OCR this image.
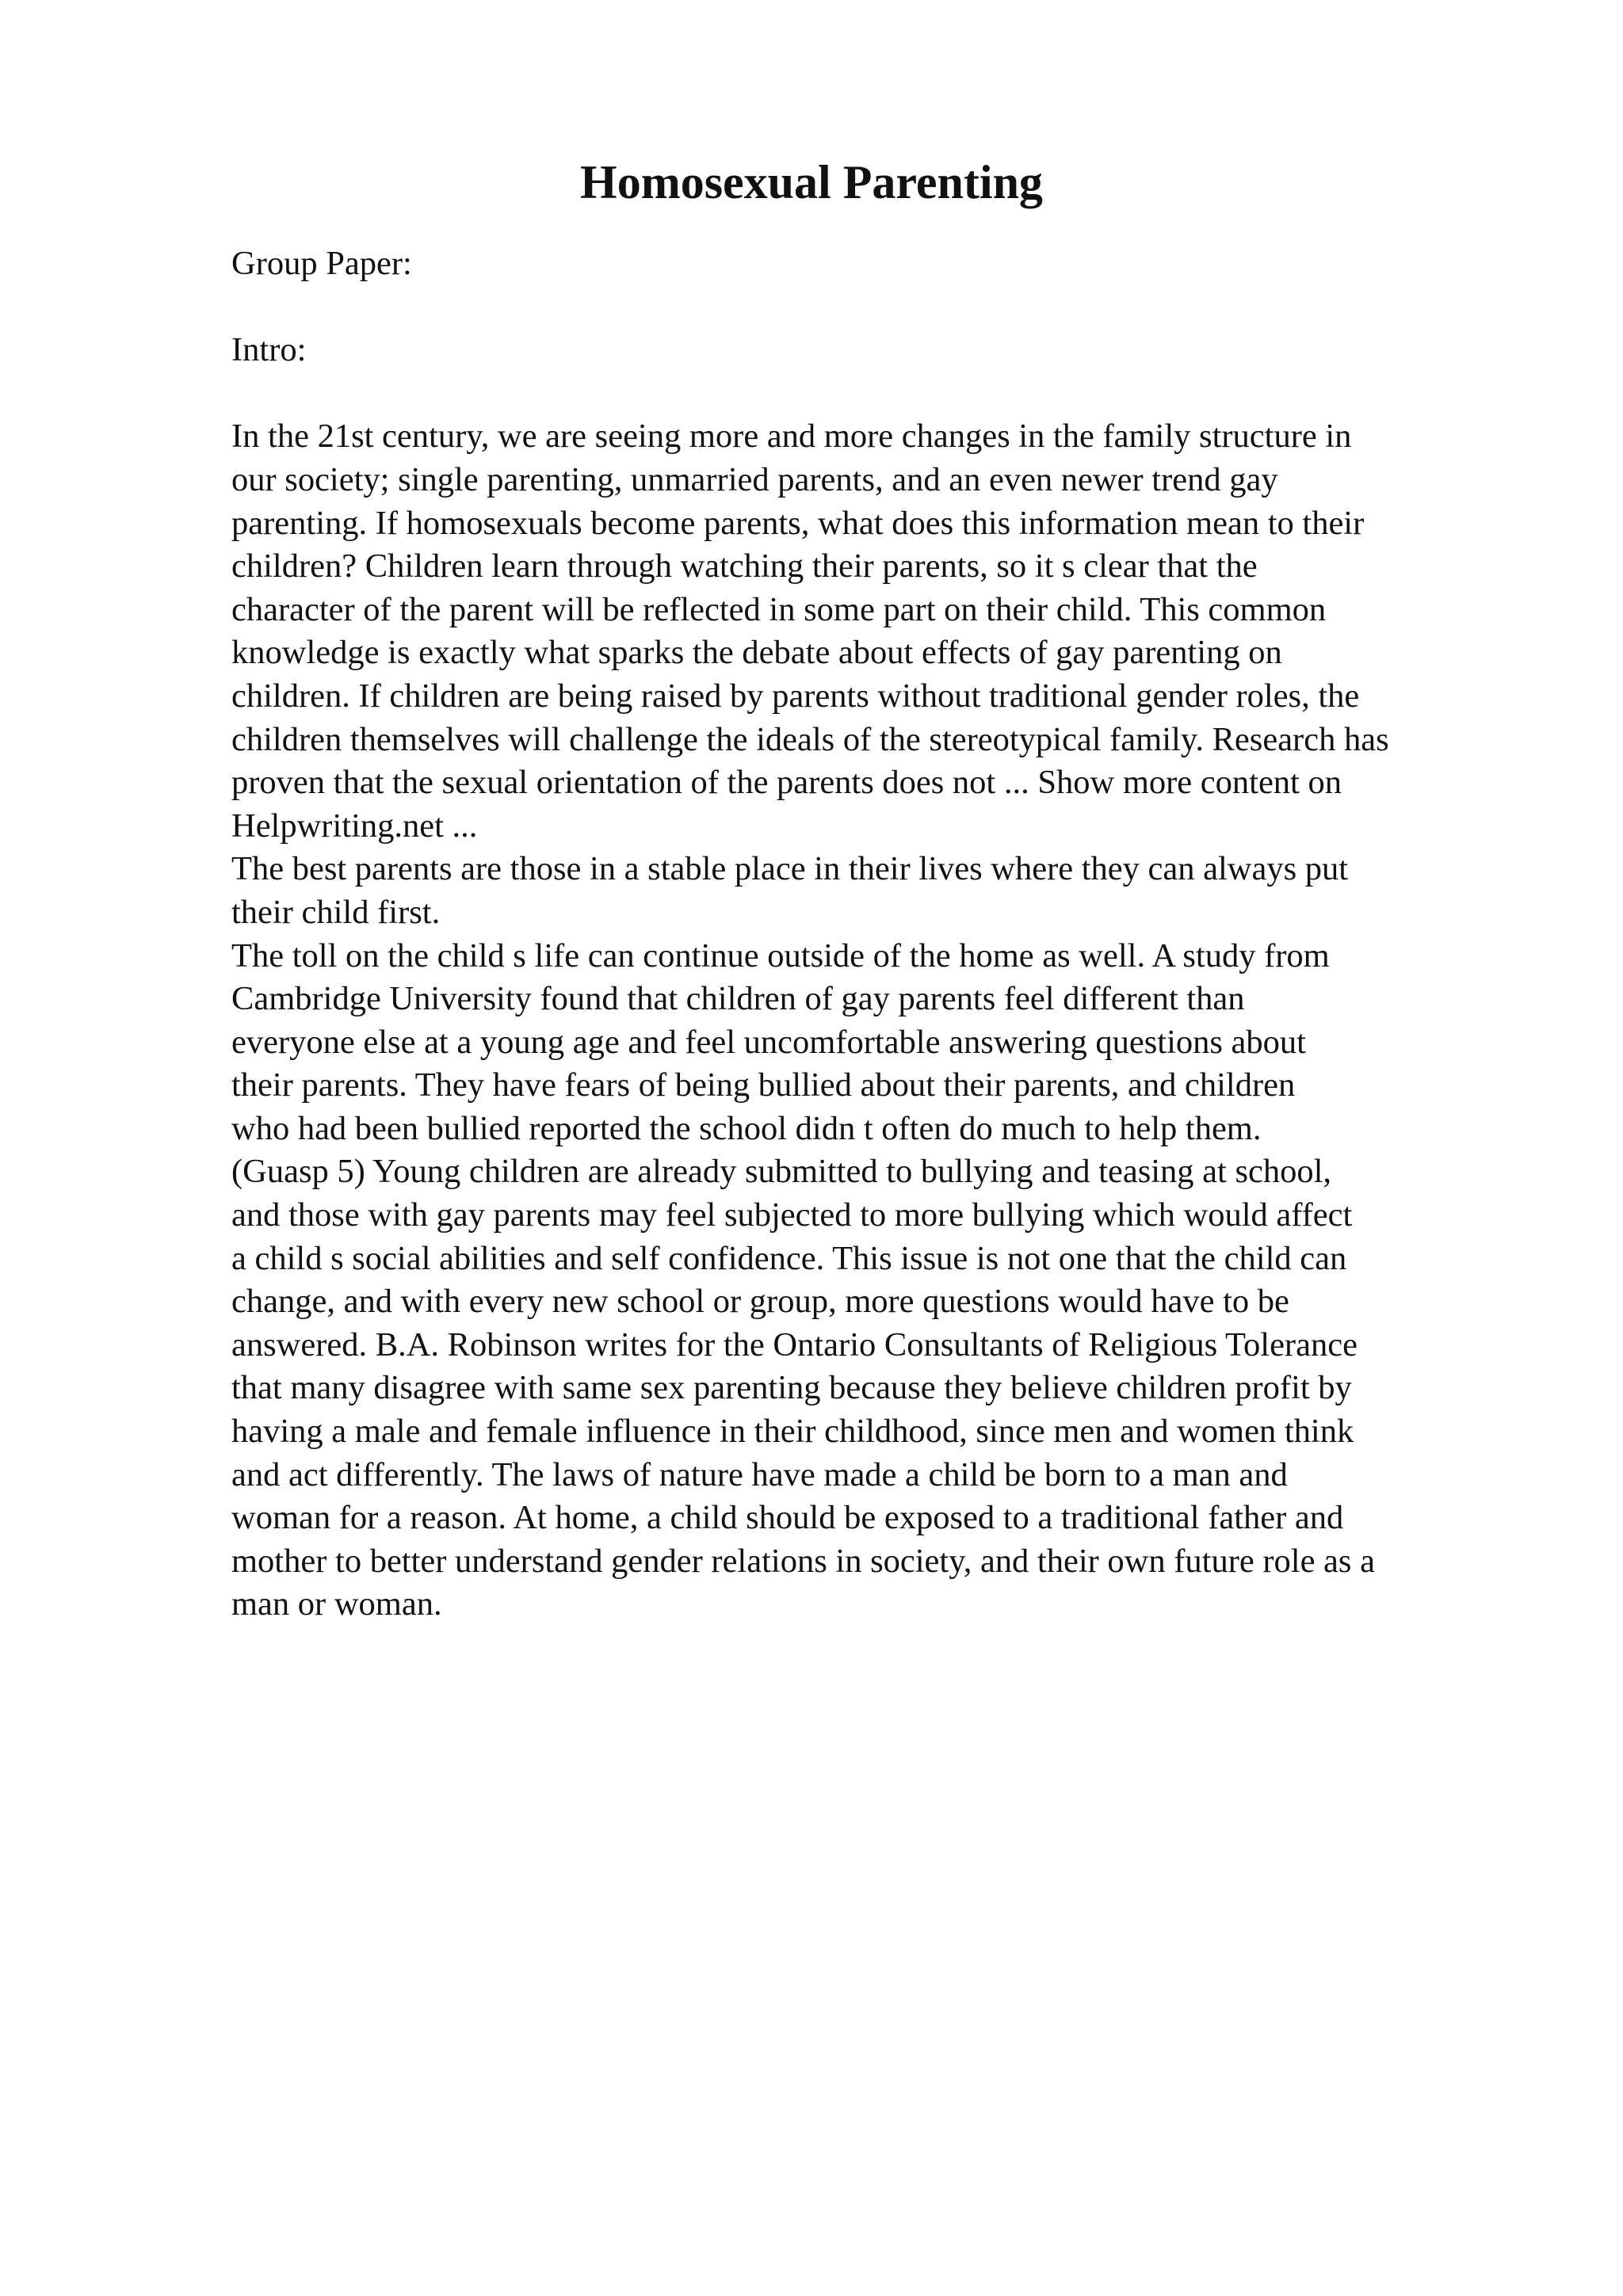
Homosexual Parenting

Group Paper:

Intro:

In the 21st century, we are seeing more and more changes in the family structure in
our society; single parenting, unmarried parents, and an even newer trend gay
parenting. If homosexuals become parents, what does this information mean to their
children? Children learn through watching their parents, so it s clear that the
character of the parent will be reflected in some part on their child. This common
knowledge is exactly what sparks the debate about effects of gay parenting on
children. If children are being raised by parents without traditional gender roles, the
children themselves will challenge the ideals of the stereotypical family. Research has
proven that the sexual orientation of the parents does not ... Show more content on
Helpwriting.net ...

The best parents are those in a stable place in their lives where they can always put
their child first.

The toll on the child s life can continue outside of the home as well. A study from
Cambridge University found that children of gay parents feel different than
everyone else at a young age and feel uncomfortable answering questions about
their parents. They have fears of being bullied about their parents, and children
who had been bullied reported the school didn t often do much to help them.
(Guasp 5) Young children are already submitted to bullying and teasing at school,
and those with gay parents may feel subjected to more bullying which would affect
a child s social abilities and self confidence. This issue is not one that the child can
change, and with every new school or group, more questions would have to be
answered. B.A. Robinson writes for the Ontario Consultants of Religious Tolerance
that many disagree with same sex parenting because they believe children profit by
having a male and female influence in their childhood, since men and women think
and act differently. The laws of nature have made a child be born to a man and
woman for a reason. At home, a child should be exposed to a traditional father and
mother to better understand gender relations in society, and their own future role as a
man or woman.
